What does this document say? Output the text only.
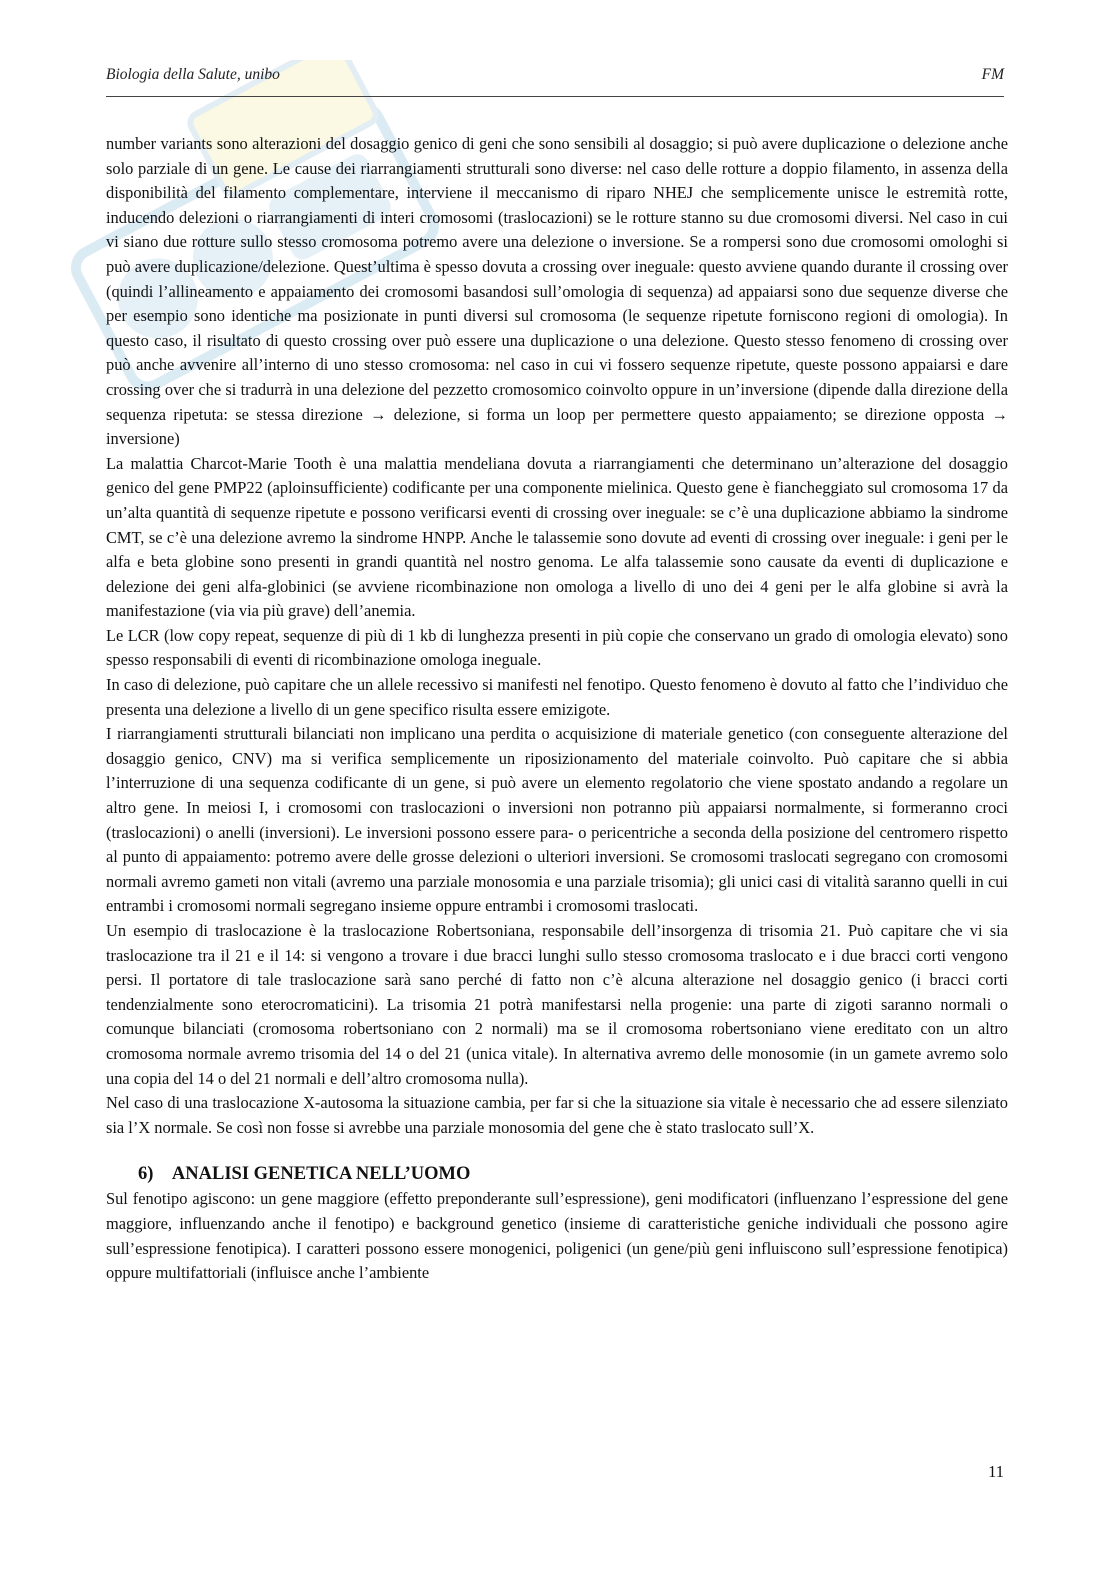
Biologia della Salute, unibo	FM

number variants sono alterazioni del dosaggio genico di geni che sono sensibili al dosaggio; si può avere duplicazione o delezione anche solo parziale di un gene. Le cause dei riarrangiamenti strutturali sono diverse: nel caso delle rotture a doppio filamento, in assenza della disponibilità del filamento complementare, interviene il meccanismo di riparo NHEJ che semplicemente unisce le estremità rotte, inducendo delezioni o riarrangiamenti di interi cromosomi (traslocazioni) se le rotture stanno su due cromosomi diversi. Nel caso in cui vi siano due rotture sullo stesso cromosoma potremo avere una delezione o inversione. Se a rompersi sono due cromosomi omologhi si può avere duplicazione/delezione. Quest’ultima è spesso dovuta a crossing over ineguale: questo avviene quando durante il crossing over (quindi l’allineamento e appaiamento dei cromosomi basandosi sull’omologia di sequenza) ad appaiarsi sono due sequenze diverse che per esempio sono identiche ma posizionate in punti diversi sul cromosoma (le sequenze ripetute forniscono regioni di omologia). In questo caso, il risultato di questo crossing over può essere una duplicazione o una delezione. Questo stesso fenomeno di crossing over può anche avvenire all’interno di uno stesso cromosoma: nel caso in cui vi fossero sequenze ripetute, queste possono appaiarsi e dare crossing over che si tradurrà in una delezione del pezzetto cromosomico coinvolto oppure in un’inversione (dipende dalla direzione della sequenza ripetuta: se stessa direzione → delezione, si forma un loop per permettere questo appaiamento; se direzione opposta → inversione)

La malattia Charcot-Marie Tooth è una malattia mendeliana dovuta a riarrangiamenti che determinano un’alterazione del dosaggio genico del gene PMP22 (aploinsufficiente) codificante per una componente mielinica. Questo gene è fiancheggiato sul cromosoma 17 da un’alta quantità di sequenze ripetute e possono verificarsi eventi di crossing over ineguale: se c’è una duplicazione abbiamo la sindrome CMT, se c’è una delezione avremo la sindrome HNPP. Anche le talassemie sono dovute ad eventi di crossing over ineguale: i geni per le alfa e beta globine sono presenti in grandi quantità nel nostro genoma. Le alfa talassemie sono causate da eventi di duplicazione e delezione dei geni alfa-globinici (se avviene ricombinazione non omologa a livello di uno dei 4 geni per le alfa globine si avrà la manifestazione (via via più grave) dell’anemia.

Le LCR (low copy repeat, sequenze di più di 1 kb di lunghezza presenti in più copie che conservano un grado di omologia elevato) sono spesso responsabili di eventi di ricombinazione omologa ineguale.

In caso di delezione, può capitare che un allele recessivo si manifesti nel fenotipo. Questo fenomeno è dovuto al fatto che l’individuo che presenta una delezione a livello di un gene specifico risulta essere emizigote.

I riarrangiamenti strutturali bilanciati non implicano una perdita o acquisizione di materiale genetico (con conseguente alterazione del dosaggio genico, CNV) ma si verifica semplicemente un riposizionamento del materiale coinvolto. Può capitare che si abbia l’interruzione di una sequenza codificante di un gene, si può avere un elemento regolatorio che viene spostato andando a regolare un altro gene. In meiosi I, i cromosomi con traslocazioni o inversioni non potranno più appaiarsi normalmente, si formeranno croci (traslocazioni) o anelli (inversioni). Le inversioni possono essere para- o pericentriche a seconda della posizione del centromero rispetto al punto di appaiamento: potremo avere delle grosse delezioni o ulteriori inversioni. Se cromosomi traslocati segregano con cromosomi normali avremo gameti non vitali (avremo una parziale monosomia e una parziale trisomia); gli unici casi di vitalità saranno quelli in cui entrambi i cromosomi normali segregano insieme oppure entrambi i cromosomi traslocati.

Un esempio di traslocazione è la traslocazione Robertsoniana, responsabile dell’insorgenza di trisomia 21. Può capitare che vi sia traslocazione tra il 21 e il 14: si vengono a trovare i due bracci lunghi sullo stesso cromosoma traslocato e i due bracci corti vengono persi. Il portatore di tale traslocazione sarà sano perché di fatto non c’è alcuna alterazione nel dosaggio genico (i bracci corti tendenzialmente sono eterocromaticini). La trisomia 21 potrà manifestarsi nella progenie: una parte di zigoti saranno normali o comunque bilanciati (cromosoma robertsoniano con 2 normali) ma se il cromosoma robertsoniano viene ereditato con un altro cromosoma normale avremo trisomia del 14 o del 21 (unica vitale). In alternativa avremo delle monosomie (in un gamete avremo solo una copia del 14 o del 21 normali e dell’altro cromosoma nulla).

Nel caso di una traslocazione X-autosoma la situazione cambia, per far si che la situazione sia vitale è necessario che ad essere silenziato sia l’X normale. Se così non fosse si avrebbe una parziale monosomia del gene che è stato traslocato sull’X.

6) ANALISI GENETICA NELL’UOMO

Sul fenotipo agiscono: un gene maggiore (effetto preponderante sull’espressione), geni modificatori (influenzano l’espressione del gene maggiore, influenzando anche il fenotipo) e background genetico (insieme di caratteristiche geniche individuali che possono agire sull’espressione fenotipica). I caratteri possono essere monogenici, poligenici (un gene/più geni influiscono sull’espressione fenotipica) oppure multifattoriali (influisce anche l’ambiente

11
